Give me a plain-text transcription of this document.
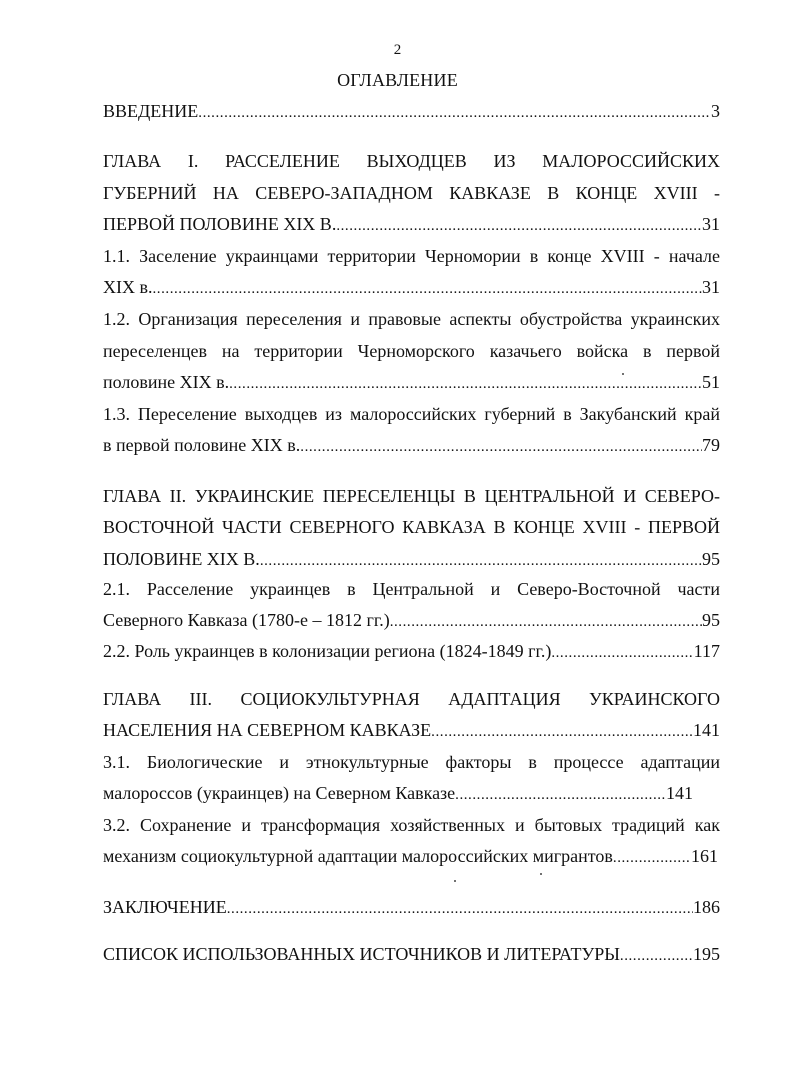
2
ОГЛАВЛЕНИЕ
ВВЕДЕНИЕ . . .	3
ГЛАВА I. РАССЕЛЕНИЕ ВЫХОДЦЕВ ИЗ МАЛОРОССИЙСКИХ
ГУБЕРНИЙ НА СЕВЕРО-ЗАПАДНОМ КАВКАЗЕ В КОНЦЕ XVIII -
ПЕРВОЙ ПОЛОВИНЕ XIX В. . . .	31
1.1. Заселение украинцами территории Черномории в конце XVIII - начале
XIX в. . . .	31
1.2. Организация переселения и правовые аспекты обустройства украинских
переселенцев на территории Черноморского казачьего войска в первой
половине XIX в. . . .	51
1.3. Переселение выходцев из малороссийских губерний в Закубанский край
в первой половине XIX в. . . .	79
ГЛАВА II. УКРАИНСКИЕ ПЕРЕСЕЛЕНЦЫ В ЦЕНТРАЛЬНОЙ И СЕВЕРО-
ВОСТОЧНОЙ ЧАСТИ СЕВЕРНОГО КАВКАЗА В КОНЦЕ XVIII - ПЕРВОЙ
ПОЛОВИНЕ XIX В. . . .	95
2.1. Расселение украинцев в Центральной и Северо-Восточной части
Северного Кавказа (1780-е – 1812 гг.) . . .	95
2.2. Роль украинцев в колонизации региона (1824-1849 гг.) . . .	117
ГЛАВА III. СОЦИОКУЛЬТУРНАЯ АДАПТАЦИЯ УКРАИНСКОГО
НАСЕЛЕНИЯ НА СЕВЕРНОМ КАВКАЗЕ . . .	141
3.1. Биологические и этнокультурные факторы в процессе адаптации
малороссов (украинцев) на Северном Кавказе . . .	141
3.2. Сохранение и трансформация хозяйственных и бытовых традиций как
механизм социокультурной адаптации малороссийских мигрантов . . .	161
ЗАКЛЮЧЕНИЕ . . .	186
СПИСОК ИСПОЛЬЗОВАННЫХ ИСТОЧНИКОВ И ЛИТЕРАТУРЫ . . .	195
